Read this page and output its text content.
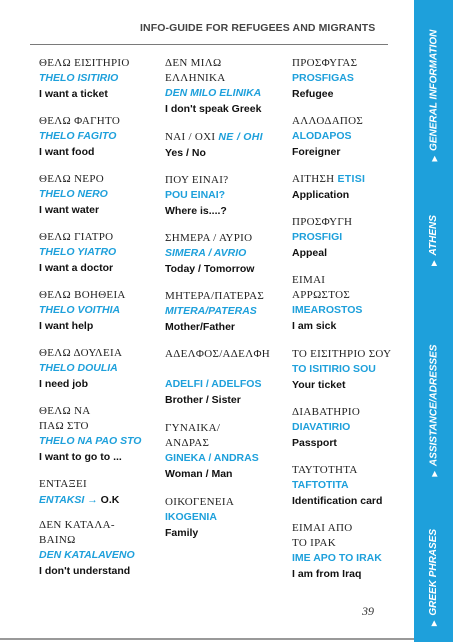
INFO-GUIDE FOR REFUGEES AND MIGRANTS
ΘΕΛΩ ΕΙΣΙΤΗΡΙΟ
THELO ISITIRIO
I want a ticket
ΘΕΛΩ ΦΑΓΗΤΟ
THELO FAGITO
I want food
ΘΕΛΩ ΝΕΡΟ
THELO NERO
I want water
ΘΕΛΩ ΓΙΑΤΡΟ
THELO YIATRO
I want a doctor
ΘΕΛΩ ΒΟΗΘΕΙΑ
THELO VOITHIA
I want help
ΘΕΛΩ ΔΟΥΛΕΙΑ
THELO DOULIA
I need job
ΘΕΛΩ ΝΑ
ΠΑΩ ΣΤΟ
THELO NA PAO STO
I want to go to ...
ΕΝΤΑΞΕΙ
ENTAKSI → O.K
ΔΕΝ ΚΑΤΑΛΑ-
ΒΑΙΝΩ
DEN KATALAVENO
I don't understand
ΔΕΝ ΜΙΛΩ
ΕΛΛΗΝΙΚΑ
DEN MILO ELINIKA
I don't speak Greek
ΝΑΙ / ΟΧΙ NE / OHI
Yes / No
ΠΟΥ ΕΙΝΑΙ?
POU EINAI?
Where is....?
ΣΗΜΕΡΑ / ΑΥΡΙΟ
SIMERA / AVRIO
Today / Tomorrow
ΜΗΤΕΡΑ/ΠΑΤΕΡΑΣ
MITERA/PATERAS
Mother/Father
ΑΔΕΛΦΟΣ/ΑΔΕΛΦΗ
ADELFI / ADELFOS
Brother / Sister
ΓΥΝΑΙΚΑ/
ΑΝΔΡΑΣ
GINEKA / ANDRAS
Woman / Man
ΟΙΚΟΓΕΝΕΙΑ
IKOGENIA
Family
ΠΡΟΣΦΥΓΑΣ
PROSFIGAS
Refugee
ΑΛΛΟΔΑΠΟΣ
ALODAPOS
Foreigner
ΑΙΤΗΣΗ ETISI
Application
ΠΡΟΣΦΥΓΗ
PROSFIGI
Appeal
ΕΙΜΑΙ
ΑΡΡΩΣΤΟΣ
IMEAROSTOS
I am sick
ΤΟ ΕΙΣΙΤΗΡΙΟ ΣΟΥ
TO ISITIRIO SOU
Your ticket
ΔΙΑΒΑΤΗΡΙΟ
DIAVATIRIO
Passport
ΤΑΥΤΟΤΗΤΑ
TAFTOTITA
Identification card
ΕΙΜΑΙ ΑΠΟ
ΤΟ ΙΡΑΚ
IME APO TO IRAK
I am from Iraq
39
▶
GENERAL INFORMATION
▶
ATHENS
▶
ASSISTANCE/ADRESSES
▶
GREEK PHRASES
